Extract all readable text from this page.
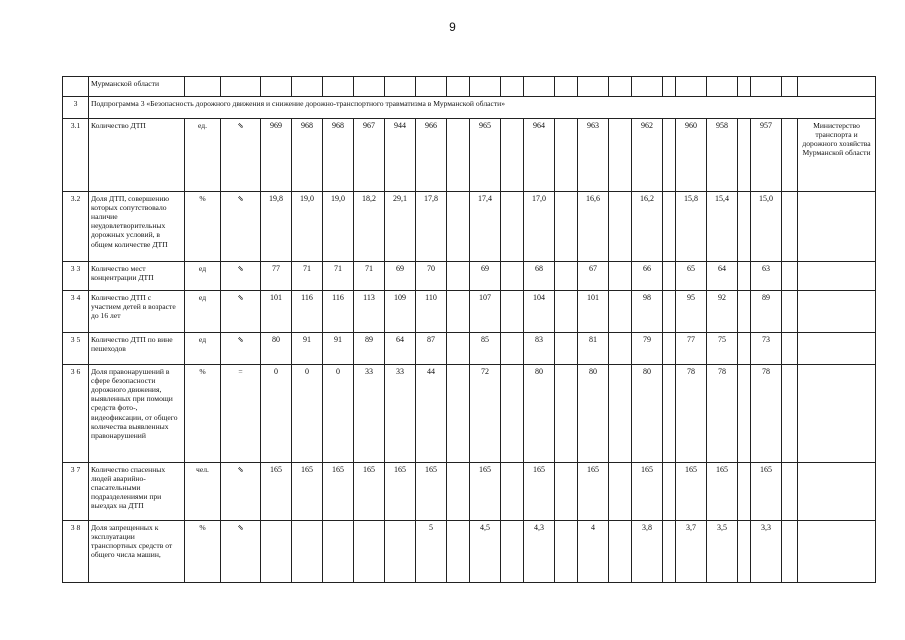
9
	Мурманской области																							
3	Подпрограмма 3 «Безопасность дорожного движения и снижение дорожно-транспортного травматизма в Мурманской области»																							
3.1	Количество ДТП	ед.	⇘	969	968	968	967	944	966		965		964		963		962		960	958		957		Министерство транспорта и дорожного хозяйства Мурманской области
3.2	Доля ДТП, совершению которых сопутствовало наличие неудовлетворительных дорожных условий, в общем количестве ДТП	%	⇘	19,8	19,0	19,0	18,2	29,1	17,8		17,4		17,0		16,6		16,2		15,8	15,4		15,0		
3 3	Количество мест концентрации ДТП	ед	⇘	77	71	71	71	69	70		69		68		67		66		65	64		63		
3 4	Количество ДТП с участием детей в возрасте до 16 лет	ед	⇘	101	116	116	113	109	110		107		104		101		98		95	92		89		
3 5	Количество ДТП по вине пешеходов	ед	⇘	80	91	91	89	64	87		85		83		81		79		77	75		73		
3 6	Доля правонарушений в сфере безопасности дорожного движения, выявленных при помощи средств фото-, видеофиксации, от общего количества выявленных правонарушений	%	=	0	0	0	33	33	44		72		80		80		80		78	78		78		
3 7	Количество спасенных людей аварийно-спасательными подразделениями при выездах на ДТП	чел.	⇘	165	165	165	165	165	165		165		165		165		165		165	165		165		
3 8	Доля запрещенных к эксплуатации транспортных средств от общего числа машин,	%	⇘						5		4,5		4,3		4		3,8		3,7	3,5		3,3		
